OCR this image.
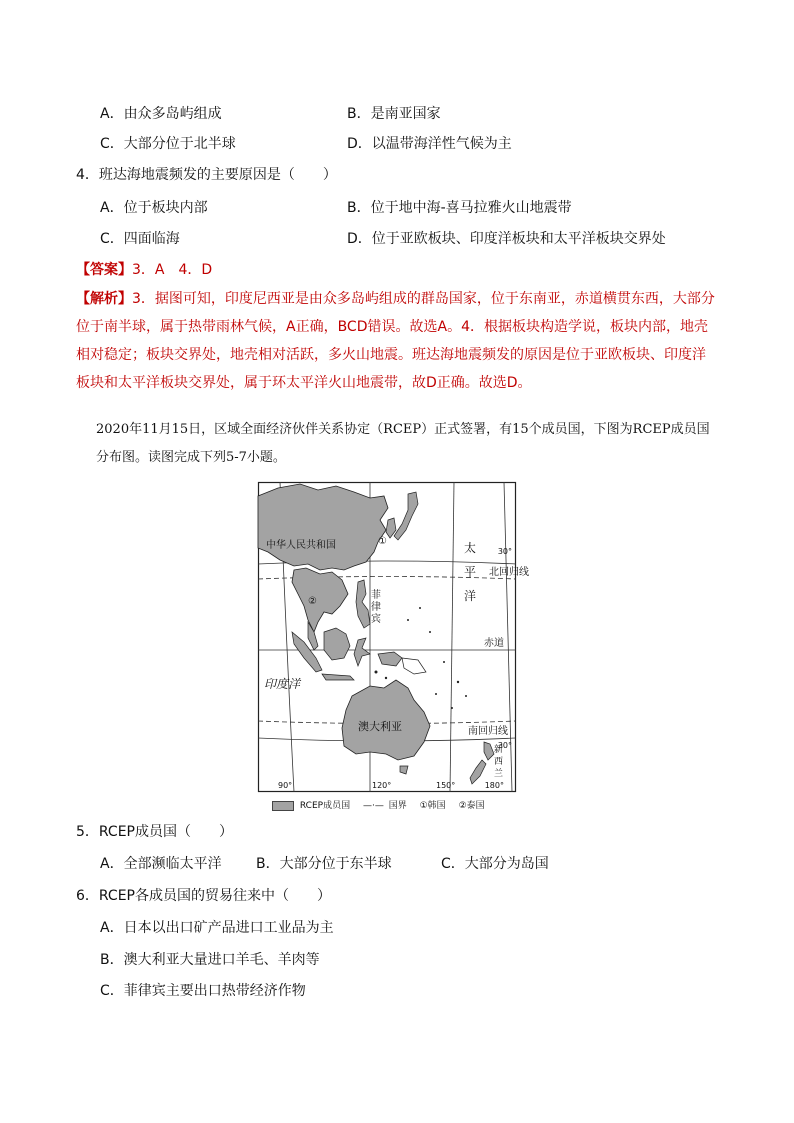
A．由众多岛屿组成	B．是南亚国家
C．大部分位于北半球	D．以温带海洋性气候为主
4．班达海地震频发的主要原因是（　　）
A．位于板块内部	B．位于地中海-喜马拉雅火山地震带
C．四面临海	D．位于亚欧板块、印度洋板块和太平洋板块交界处
【答案】3．A　4．D
【解析】3．据图可知，印度尼西亚是由众多岛屿组成的群岛国家，位于东南亚，赤道横贯东西，大部分位于南半球，属于热带雨林气候，A正确，BCD错误。故选A。4．根据板块构造学说，板块内部，地壳相对稳定；板块交界处，地壳相对活跃，多火山地震。班达海地震频发的原因是位于亚欧板块、印度洋板块和太平洋板块交界处，属于环太平洋火山地震带，故D正确。故选D。
2020年11月15日，区域全面经济伙伴关系协定（RCEP）正式签署，有15个成员国，下图为RCEP成员国分布图。读图完成下列5-7小题。
中华人民共和国	太
平
洋
北回归线
赤道
印度洋
菲
律
宾
澳大利亚	南回归线
新
西
兰
①
②
30°
30°
90°	120°	150°	180°
RCEP成员国 —·— 国界 ①韩国 ②泰国
5．RCEP成员国（　　）
A．全部濒临太平洋 B．大部分位于东半球	C．大部分为岛国
6．RCEP各成员国的贸易往来中（　　）
A．日本以出口矿产品进口工业品为主
B．澳大利亚大量进口羊毛、羊肉等
C．菲律宾主要出口热带经济作物
